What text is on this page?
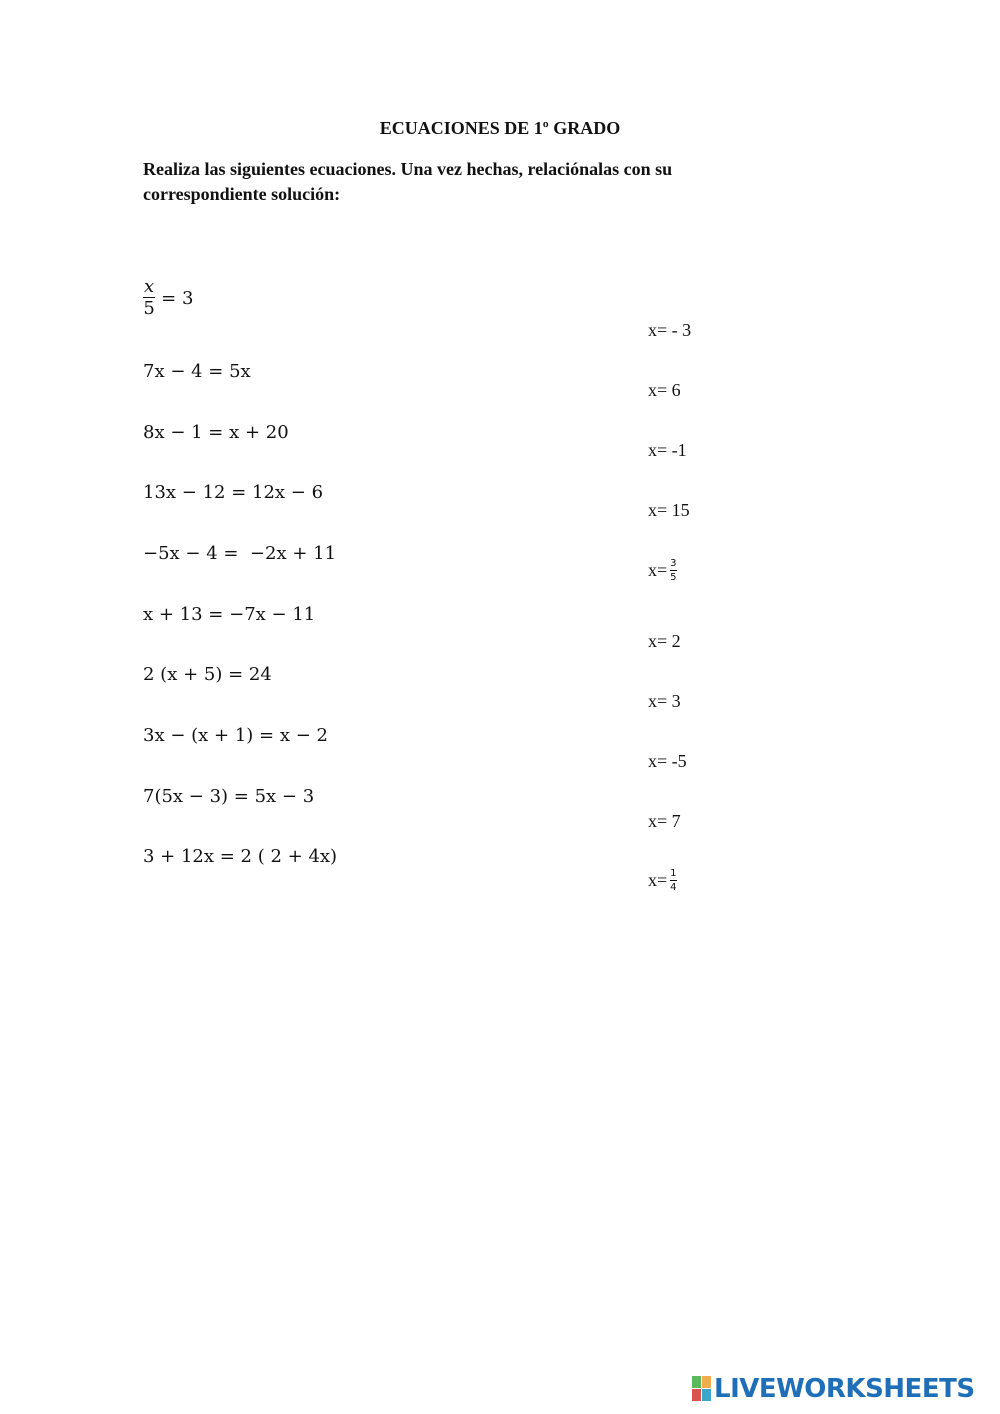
ECUACIONES DE 1º GRADO
Realiza las siguientes ecuaciones. Una vez hechas, relaciónalas con su correspondiente solución:
$\frac{x}{5} = 3$
7x − 4 = 5x
8x − 1 = x + 20
13x − 12 = 12x − 6
−5x − 4 =  −2x + 11
x + 13 = −7x − 11
2 (x + 5) = 24
3x − (x + 1) = x − 2
7(5x − 3) = 5x − 3
3 + 12x = 2 ( 2 + 4x)
x= - 3
x= 6
x= -1
x= 15
x= 3
5
x= 2
x= 3
x= -5
x= 7
x= 1
4
LIVEWORKSHEETS
